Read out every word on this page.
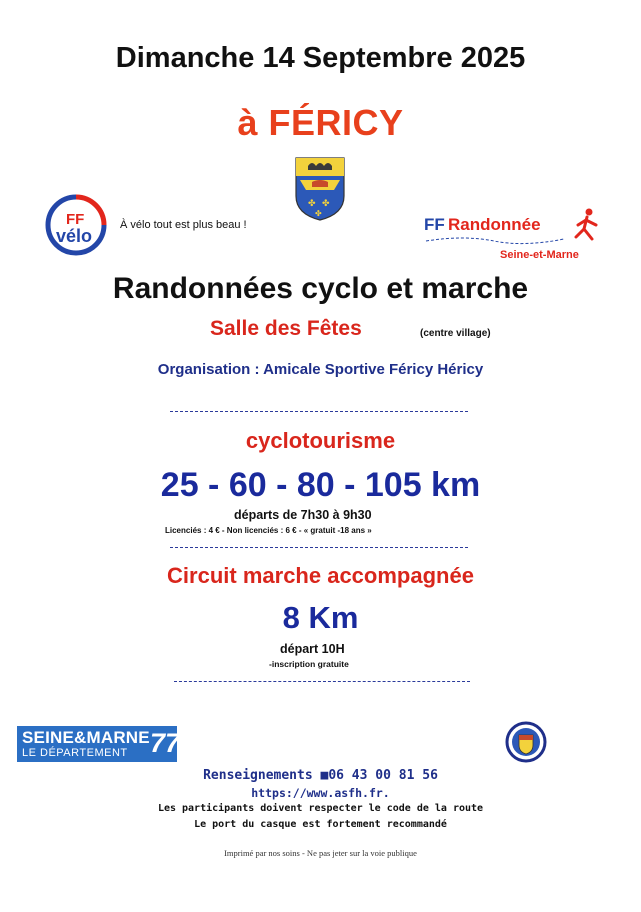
Dimanche 14 Septembre 2025
à FÉRICY
✤ ✤
✤
FF
vélo
À vélo tout est plus beau !	FF Randonnée
Seine-et-Marne
Randonnées cyclo et marche
Salle des Fêtes	(centre village)
Organisation : Amicale Sportive Féricy Héricy
cyclotourisme
25 - 60 - 80 - 105 km
départs de 7h30 à 9h30
Licenciés : 4 € - Non licenciés : 6 € - « gratuit -18 ans »
Circuit marche accompagnée
8 Km
départ 10H
-inscription gratuite
SEINE&MARNE
LE DÉPARTEMENT 77
Renseignements ■06 43 00 81 56
https://www.asfh.fr.
Les participants doivent respecter le code de la route
Le port du casque est fortement recommandé
Imprimé par nos soins - Ne pas jeter sur la voie publique
